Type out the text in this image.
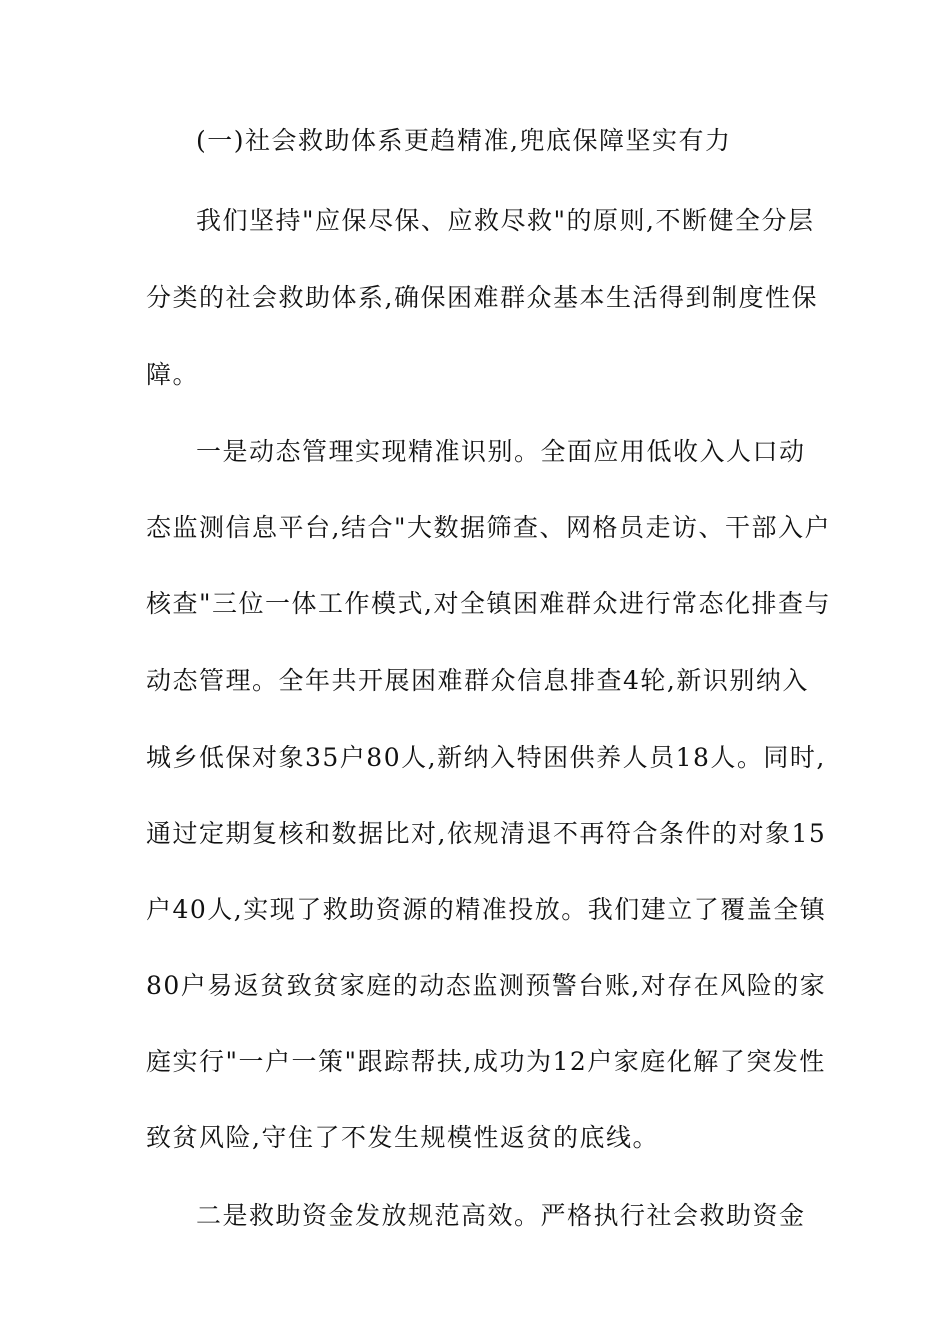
(一)社会救助体系更趋精准,兜底保障坚实有力
我们坚持"应保尽保、应救尽救"的原则,不断健全分层
分类的社会救助体系,确保困难群众基本生活得到制度性保
障。
一是动态管理实现精准识别。全面应用低收入人口动
态监测信息平台,结合"大数据筛查、网格员走访、干部入户
核查"三位一体工作模式,对全镇困难群众进行常态化排查与
动态管理。全年共开展困难群众信息排查4轮,新识别纳入
城乡低保对象35户80人,新纳入特困供养人员18人。同时,
通过定期复核和数据比对,依规清退不再符合条件的对象15
户40人,实现了救助资源的精准投放。我们建立了覆盖全镇
80户易返贫致贫家庭的动态监测预警台账,对存在风险的家
庭实行"一户一策"跟踪帮扶,成功为12户家庭化解了突发性
致贫风险,守住了不发生规模性返贫的底线。
二是救助资金发放规范高效。严格执行社会救助资金
